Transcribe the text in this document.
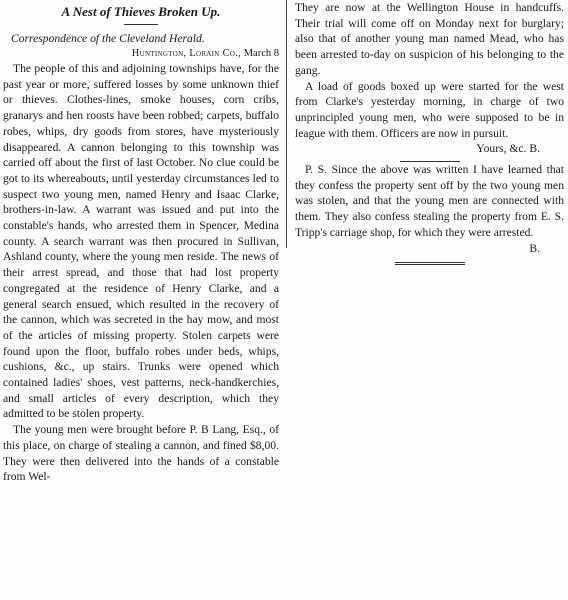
A Nest of Thieves Broken Up.
Correspondence of the Cleveland Herald.
Huntington, Lorain Co., March 8

The people of this and adjoining townships have, for the past year or more, suffered losses by some unknown thief or thieves. Clothes-lines, smoke houses, corn cribs, granarys and hen roosts have been robbed; carpets, buffalo robes, whips, dry goods from stores, have mysteriously disappeared. A cannon belonging to this township was carried off about the first of last October. No clue could be got to its whereabouts, until yesterday circumstances led to suspect two young men, named Henry and Isaac Clarke, brothers-in-law. A warrant was issued and put into the constable's hands, who arrested them in Spencer, Medina county. A search warrant was then procured in Sullivan, Ashland county, where the young men reside. The news of their arrest spread, and those that had lost property congregated at the residence of Henry Clarke, and a general search ensued, which resulted in the recovery of the cannon, which was secreted in the hay mow, and most of the articles of missing property. Stolen carpets were found upon the floor, buffalo robes under beds, whips, cushions, &c., up stairs. Trunks were opened which contained ladies' shoes, vest patterns, neck-handkerchies, and small articles of every description, which they admitted to be stolen property.

The young men were brought before P. B Lang, Esq., of this place, on charge of stealing a cannon, and fined $8,00. They were then delivered into the hands of a constable from Wel-

They are now at the Wellington House in handcuffs. Their trial will come off on Monday next for burglary; also that of another young man named Mead, who has been arrested to-day on suspicion of his belonging to the gang.

A load of goods boxed up were started for the west from Clarke's yesterday morning, in charge of two unprincipled young men, who were supposed to be in league with them. Officers are now in pursuit.

Yours, &c. B.

P. S. Since the above was written I have learned that they confess the property sent off by the two young men was stolen, and that the young men are connected with them. They also confess stealing the property from E. S. Tripp's carriage shop, for which they were arrested.

B.
